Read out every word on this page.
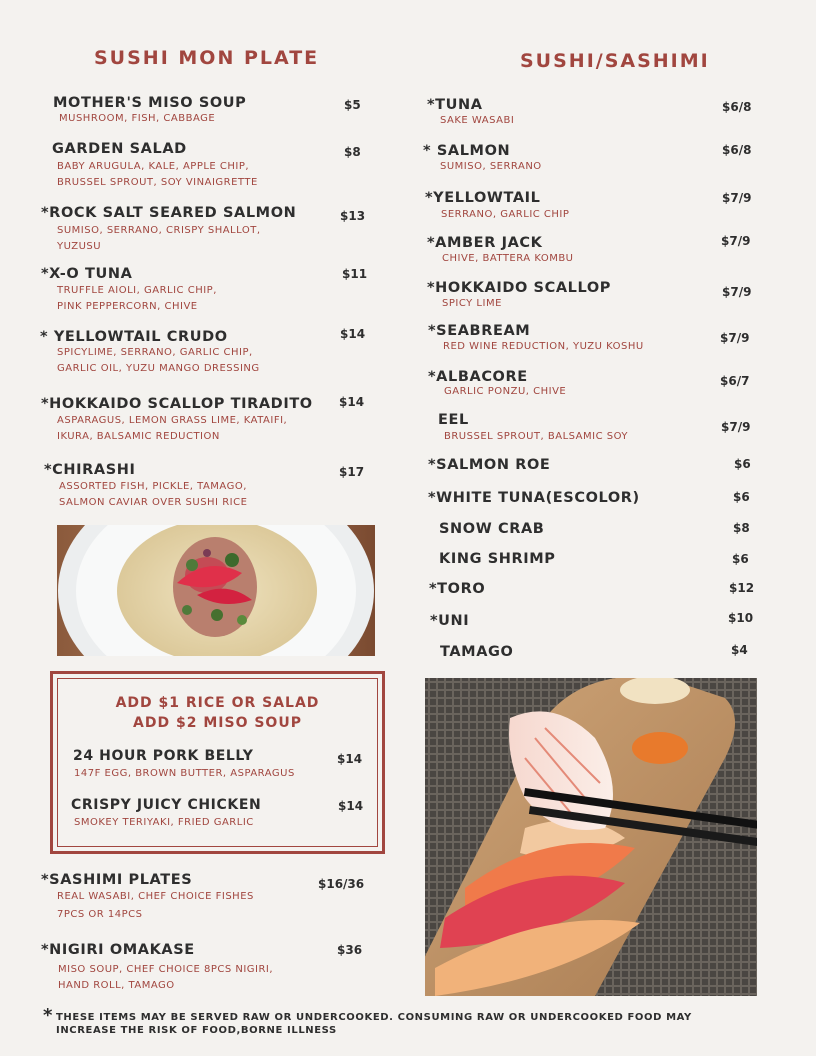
SUSHI MON PLATE	SUSHI/SASHIMI
MOTHER'S MISO SOUP
MUSHROOM, FISH, CABBAGE
$5
GARDEN SALAD
BABY ARUGULA, KALE, APPLE CHIP,
BRUSSEL SPROUT, SOY VINAIGRETTE
$8
*ROCK SALT SEARED SALMON
SUMISO, SERRANO, CRISPY SHALLOT,
YUZUSU
$13
*X-O TUNA
TRUFFLE AIOLI, GARLIC CHIP,
PINK PEPPERCORN, CHIVE
$11
* YELLOWTAIL CRUDO
SPICYLIME, SERRANO, GARLIC CHIP,
GARLIC OIL, YUZU MANGO DRESSING
$14
*HOKKAIDO SCALLOP TIRADITO
ASPARAGUS, LEMON GRASS LIME, KATAIFI,
IKURA, BALSAMIC REDUCTION
$14
*CHIRASHI
ASSORTED FISH, PICKLE, TAMAGO,
SALMON CAVIAR OVER SUSHI RICE
$17
ADD $1 RICE OR SALAD
ADD $2 MISO SOUP
24 HOUR PORK BELLY
147F EGG, BROWN BUTTER, ASPARAGUS
$14
CRISPY JUICY CHICKEN
SMOKEY TERIYAKI, FRIED GARLIC
$14
*SASHIMI PLATES
REAL WASABI, CHEF CHOICE FISHES
7PCS OR 14PCS
$16/36
*NIGIRI OMAKASE
MISO SOUP, CHEF CHOICE 8PCS NIGIRI,
HAND ROLL, TAMAGO
$36
*TUNA
SAKE WASABI
$6/8
* SALMON
SUMISO, SERRANO
$6/8
*YELLOWTAIL
SERRANO, GARLIC CHIP
$7/9
*AMBER JACK
CHIVE, BATTERA KOMBU
$7/9
*HOKKAIDO SCALLOP
SPICY LIME
$7/9
*SEABREAM
RED WINE REDUCTION, YUZU KOSHU
$7/9
*ALBACORE
GARLIC PONZU, CHIVE
$6/7
EEL
BRUSSEL SPROUT, BALSAMIC SOY
$7/9
*SALMON ROE	$6
*WHITE TUNA(ESCOLOR)	$6
SNOW CRAB	$8
KING SHRIMP	$6
*TORO	$12
*UNI	$10
TAMAGO	$4
* THESE ITEMS MAY BE SERVED RAW OR UNDERCOOKED. CONSUMING RAW OR UNDERCOOKED FOOD MAY
INCREASE THE RISK OF FOOD,BORNE ILLNESS
